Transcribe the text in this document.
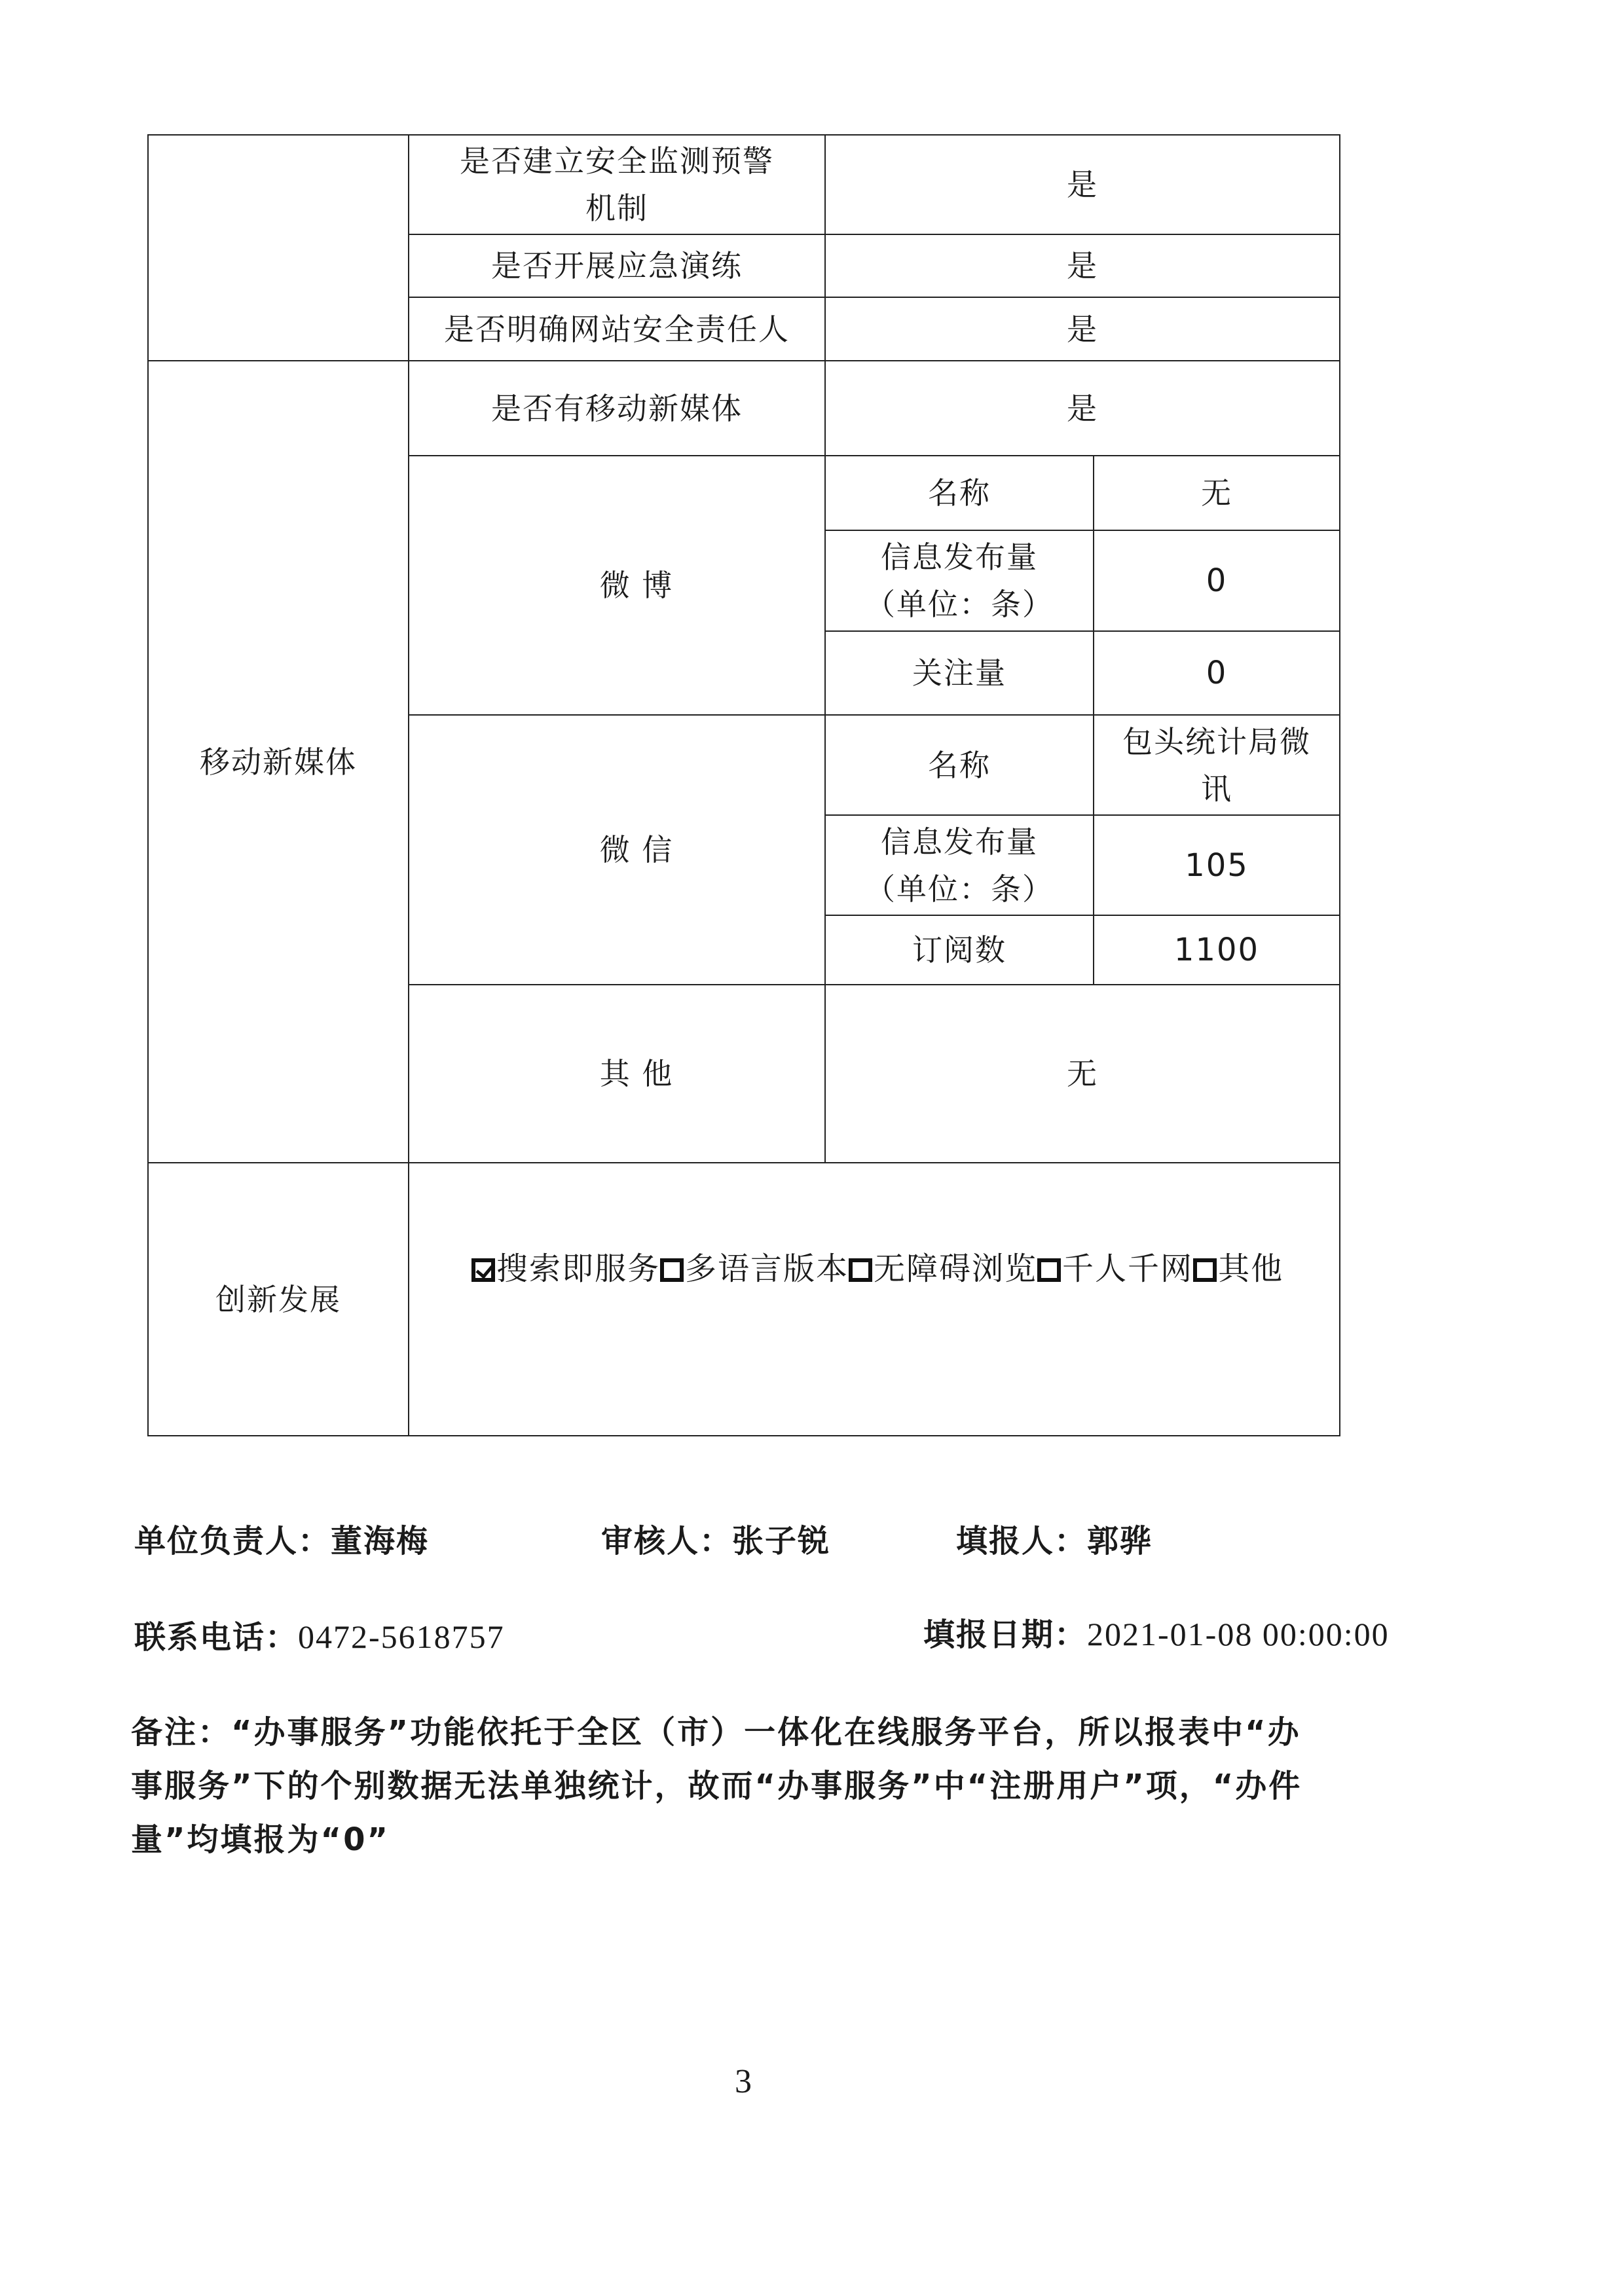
	是否建立安全监测预警机制	是	
	是否开展应急演练	是	
	是否明确网站安全责任人	是	
移动新媒体	是否有移动新媒体	是	
	微 博	名称	无
		信息发布量（单位：条）	0
		关注量	0
	微 信	名称	包头统计局微讯
		信息发布量（单位：条）	105
		订阅数	1100
	其 他	无	
创新发展	搜索即服务 多语言版本 无障碍浏览 千人千网 其他		
单位负责人：董海梅	审核人：张子锐	填报人：郭骅
联系电话：0472-5618757	填报日期：2021-01-08 00:00:00
备注：“办事服务”功能依托于全区（市）一体化在线服务平台，所以报表中“办事服务”下的个别数据无法单独统计，故而“办事服务”中“注册用户”项，“办件量”均填报为“0”
3
